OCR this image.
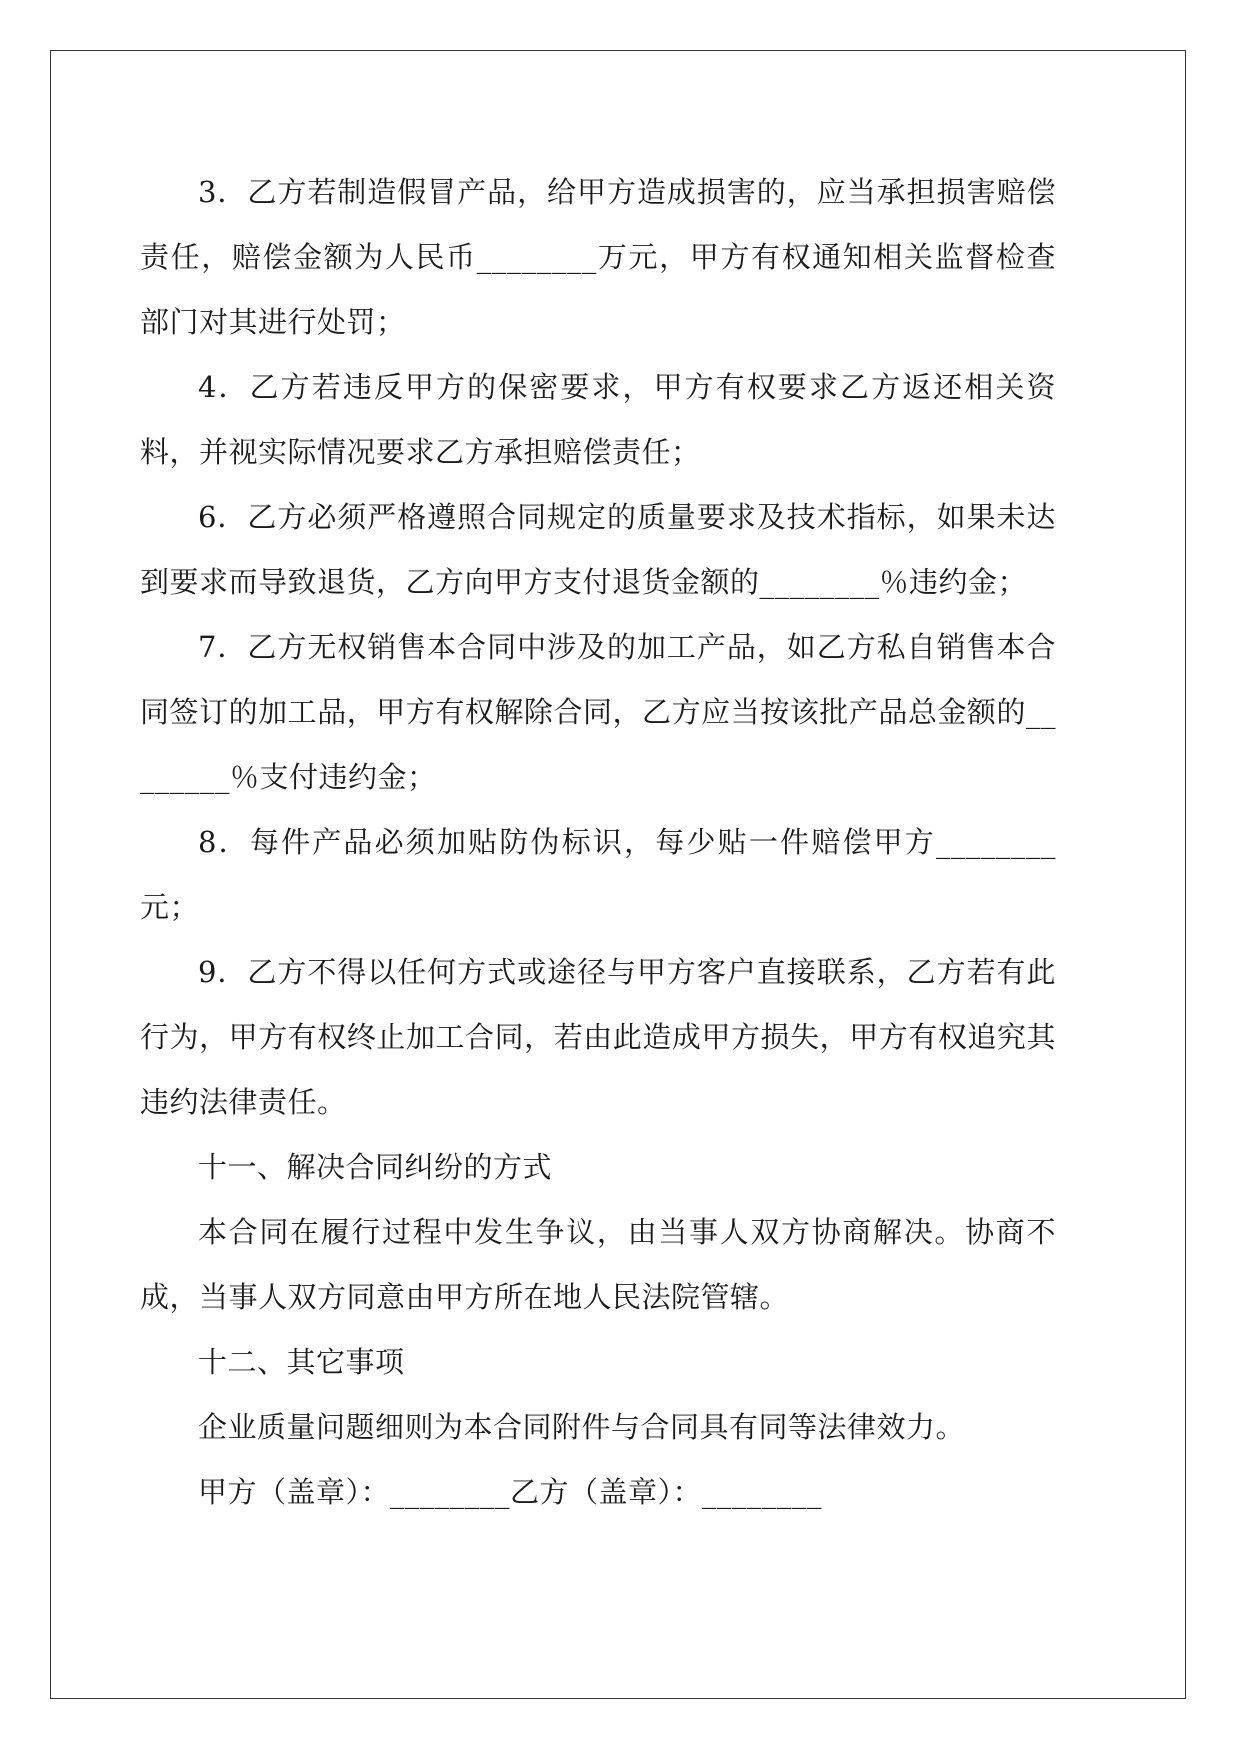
3．乙方若制造假冒产品，给甲方造成损害的，应当承担损害赔偿责任，赔偿金额为人民币________万元，甲方有权通知相关监督检查部门对其进行处罚；

4．乙方若违反甲方的保密要求，甲方有权要求乙方返还相关资料，并视实际情况要求乙方承担赔偿责任；

6．乙方必须严格遵照合同规定的质量要求及技术指标，如果未达到要求而导致退货，乙方向甲方支付退货金额的________％违约金；

7．乙方无权销售本合同中涉及的加工产品，如乙方私自销售本合同签订的加工品，甲方有权解除合同，乙方应当按该批产品总金额的________％支付违约金；

8．每件产品必须加贴防伪标识，每少贴一件赔偿甲方________元；

9．乙方不得以任何方式或途径与甲方客户直接联系，乙方若有此行为，甲方有权终止加工合同，若由此造成甲方损失，甲方有权追究其违约法律责任。

十一、解决合同纠纷的方式

本合同在履行过程中发生争议，由当事人双方协商解决。协商不成，当事人双方同意由甲方所在地人民法院管辖。

十二、其它事项

企业质量问题细则为本合同附件与合同具有同等法律效力。

甲方（盖章）：________乙方（盖章）：________
